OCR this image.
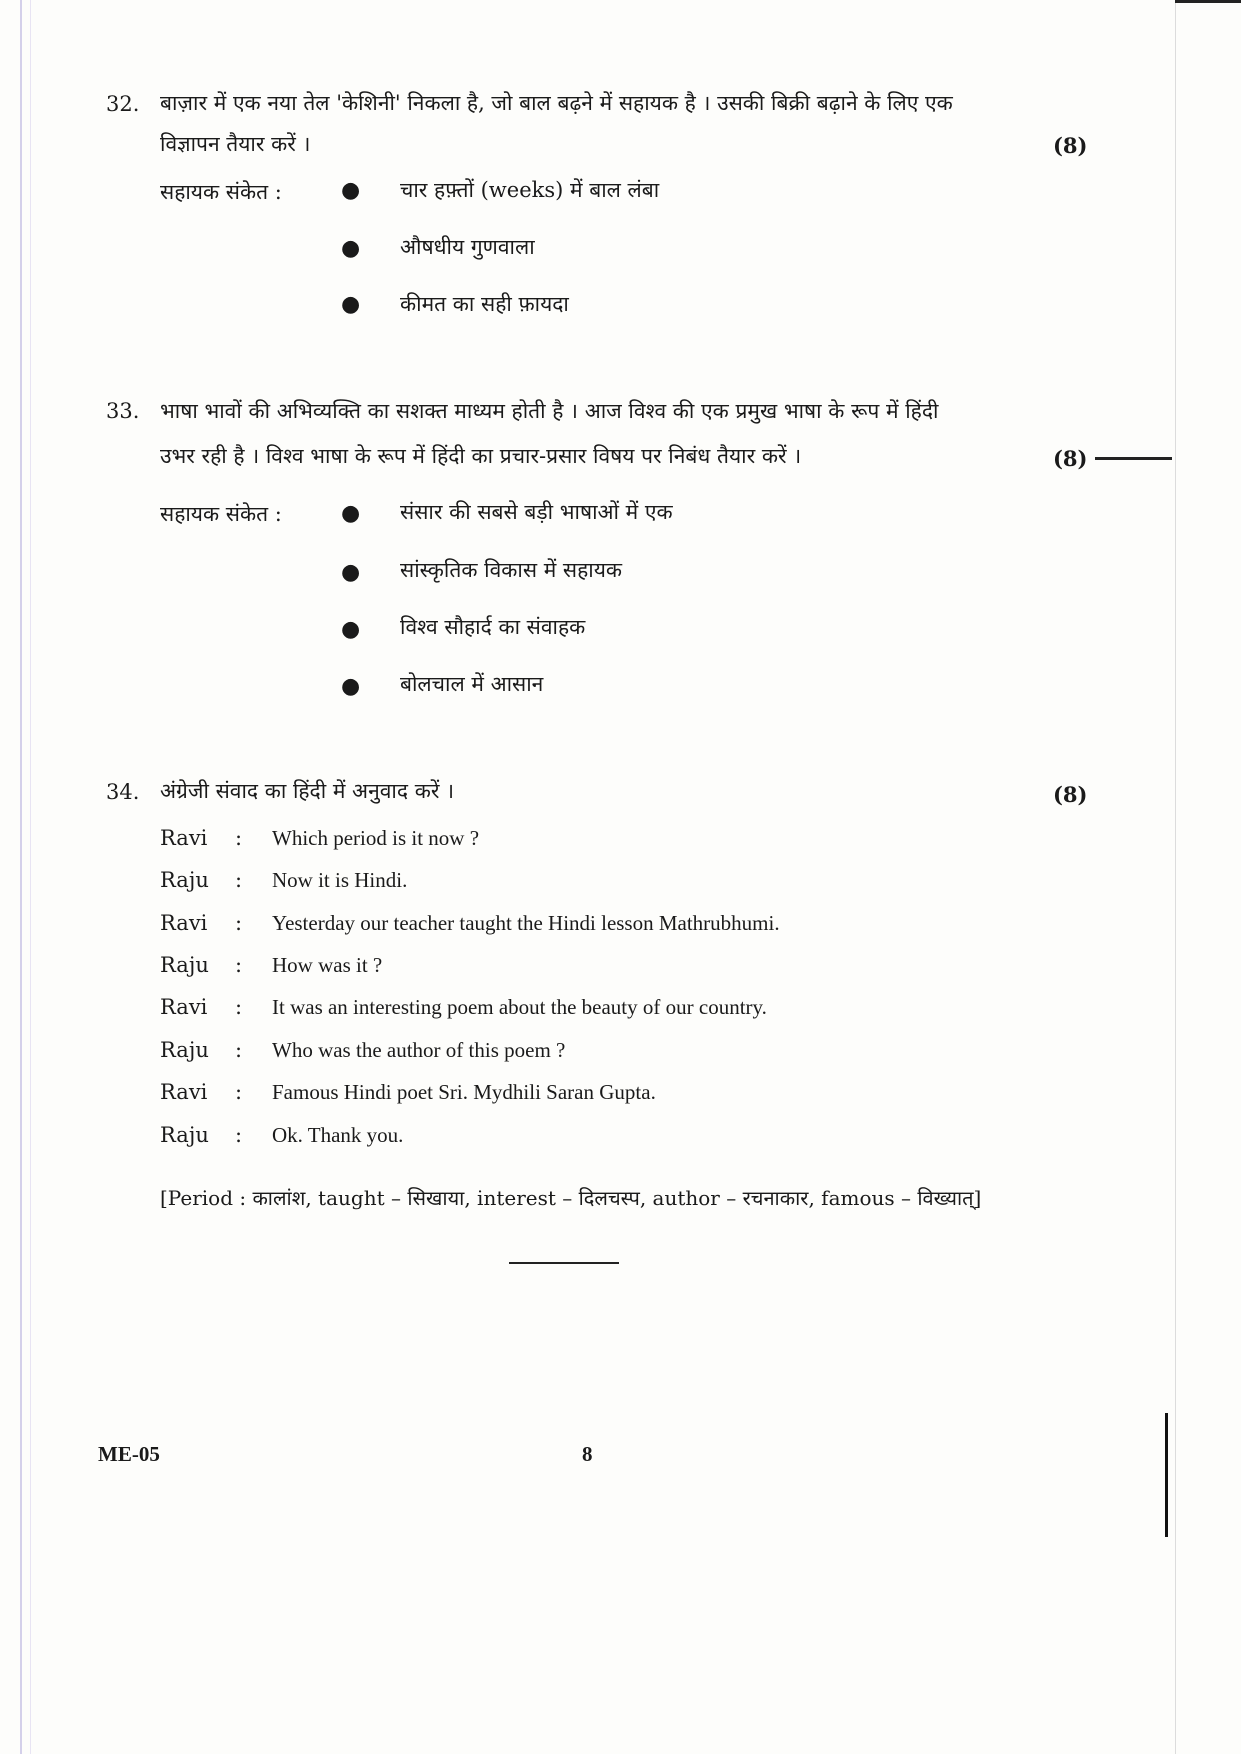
32. बाज़ार में एक नया तेल 'केशिनी' निकला है, जो बाल बढ़ने में सहायक है । उसकी बिक्री बढ़ाने के लिए एक
विज्ञापन तैयार करें ।	(8)
सहायक संकेत :	● चार हफ़्तों (weeks) में बाल लंबा
● औषधीय गुणवाला
● कीमत का सही फ़ायदा
33. भाषा भावों की अभिव्यक्ति का सशक्त माध्यम होती है । आज विश्व की एक प्रमुख भाषा के रूप में हिंदी
उभर रही है । विश्व भाषा के रूप में हिंदी का प्रचार-प्रसार विषय पर निबंध तैयार करें ।	(8)
सहायक संकेत :	● संसार की सबसे बड़ी भाषाओं में एक
● सांस्कृतिक विकास में सहायक
● विश्व सौहार्द का संवाहक
● बोलचाल में आसान
34. अंग्रेजी संवाद का हिंदी में अनुवाद करें ।	(8)
Ravi : Which period is it now ?
Raju : Now it is Hindi.
Ravi : Yesterday our teacher taught the Hindi lesson Mathrubhumi.
Raju : How was it ?
Ravi : It was an interesting poem about the beauty of our country.
Raju : Who was the author of this poem ?
Ravi : Famous Hindi poet Sri. Mydhili Saran Gupta.
Raju : Ok. Thank you.
[Period : कालांश, taught – सिखाया, interest – दिलचस्प, author – रचनाकार, famous – विख्यात्]
ME-05	8
